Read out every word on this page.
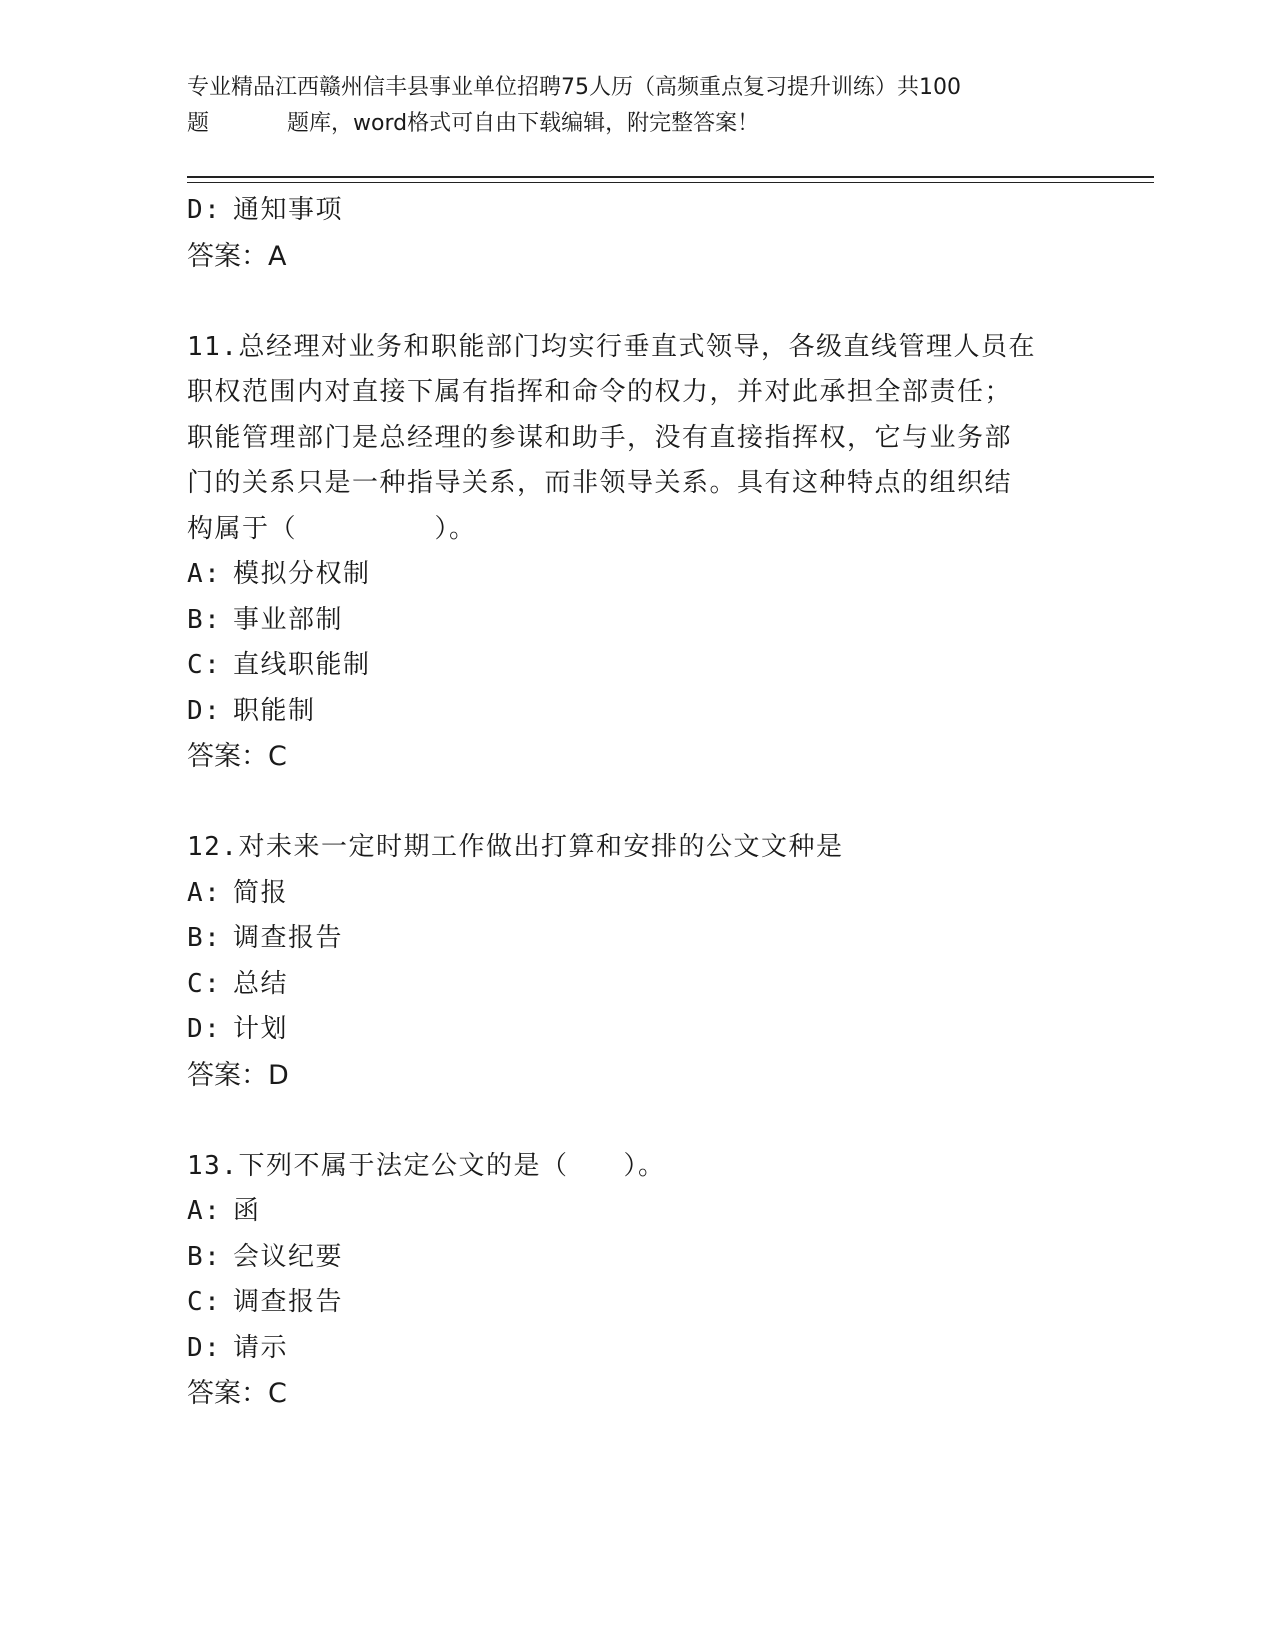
专业精品江西赣州信丰县事业单位招聘75人历（高频重点复习提升训练）共100
题	题库，word格式可自由下载编辑，附完整答案！
D: 通知事项
答案：A
11.总经理对业务和职能部门均实行垂直式领导，各级直线管理人员在
职权范围内对直接下属有指挥和命令的权力，并对此承担全部责任；
职能管理部门是总经理的参谋和助手，没有直接指挥权，它与业务部
门的关系只是一种指导关系，而非领导关系。具有这种特点的组织结
构属于（　　　　　）。
A: 模拟分权制
B: 事业部制
C: 直线职能制
D: 职能制
答案：C
12.对未来一定时期工作做出打算和安排的公文文种是
A: 简报
B: 调查报告
C: 总结
D: 计划
答案：D
13.下列不属于法定公文的是（　　）。
A: 函
B: 会议纪要
C: 调查报告
D: 请示
答案：C
